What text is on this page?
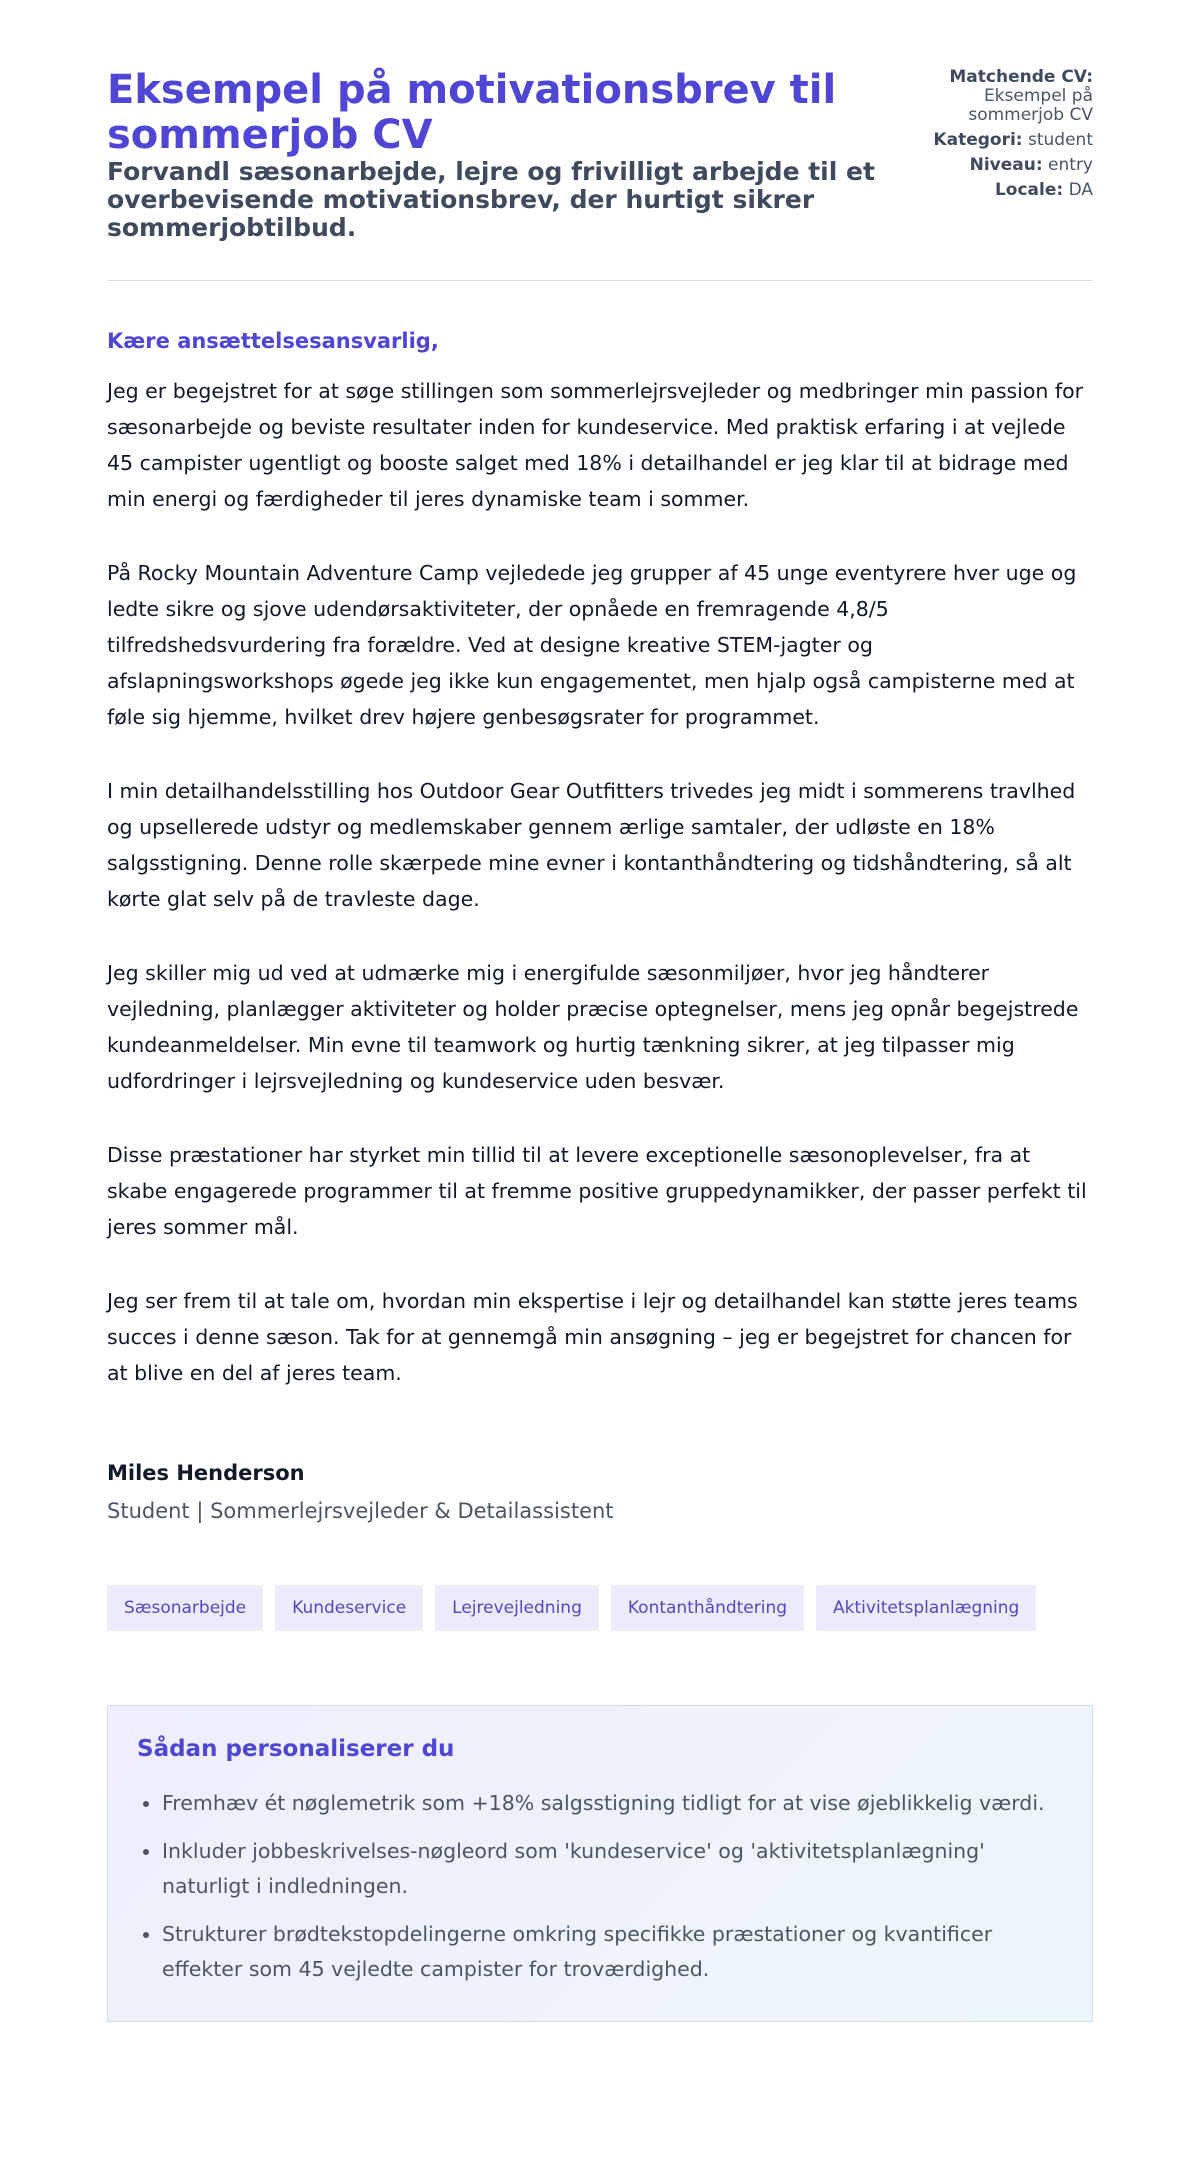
Eksempel på motivationsbrev til sommerjob CV

Forvandl sæsonarbejde, lejre og frivilligt arbejde til et overbevisende motivationsbrev, der hurtigt sikrer sommerjobtilbud.

Matchende CV:
Eksempel på sommerjob CV
Kategori: student
Niveau: entry
Locale: DA

Kære ansættelsesansvarlig,

Jeg er begejstret for at søge stillingen som sommerlejrsvejleder og medbringer min passion for sæsonarbejde og beviste resultater inden for kundeservice. Med praktisk erfaring i at vejlede 45 campister ugentligt og booste salget med 18% i detailhandel er jeg klar til at bidrage med min energi og færdigheder til jeres dynamiske team i sommer.

På Rocky Mountain Adventure Camp vejledede jeg grupper af 45 unge eventyrere hver uge og ledte sikre og sjove udendørsaktiviteter, der opnåede en fremragende 4,8/5 tilfredshedsvurdering fra forældre. Ved at designe kreative STEM-jagter og afslapningsworkshops øgede jeg ikke kun engagementet, men hjalp også campisterne med at føle sig hjemme, hvilket drev højere genbesøgsrater for programmet.

I min detailhandelsstilling hos Outdoor Gear Outfitters trivedes jeg midt i sommerens travlhed og upsellerede udstyr og medlemskaber gennem ærlige samtaler, der udløste en 18% salgsstigning. Denne rolle skærpede mine evner i kontanthåndtering og tidshåndtering, så alt kørte glat selv på de travleste dage.

Jeg skiller mig ud ved at udmærke mig i energifulde sæsonmiljøer, hvor jeg håndterer vejledning, planlægger aktiviteter og holder præcise optegnelser, mens jeg opnår begejstrede kundeanmeldelser. Min evne til teamwork og hurtig tænkning sikrer, at jeg tilpasser mig udfordringer i lejrsvejledning og kundeservice uden besvær.

Disse præstationer har styrket min tillid til at levere exceptionelle sæsonoplevelser, fra at skabe engagerede programmer til at fremme positive gruppedynamikker, der passer perfekt til jeres sommer mål.

Jeg ser frem til at tale om, hvordan min ekspertise i lejr og detailhandel kan støtte jeres teams succes i denne sæson. Tak for at gennemgå min ansøgning – jeg er begejstret for chancen for at blive en del af jeres team.

Miles Henderson

Student | Sommerlejrsvejleder & Detailassistent

Sæsonarbejde	Kundeservice	Lejrevejledning	Kontanthåndtering	Aktivitetsplanlægning
Sådan personaliserer du
• Fremhæv ét nøglemetrik som +18% salgsstigning tidligt for at vise øjeblikkelig værdi.
• Inkluder jobbeskrivelses-nøgleord som 'kundeservice' og 'aktivitetsplanlægning' naturligt i indledningen.
• Strukturer brødtekstopdelingerne omkring specifikke præstationer og kvantificer effekter som 45 vejledte campister for troværdighed.
